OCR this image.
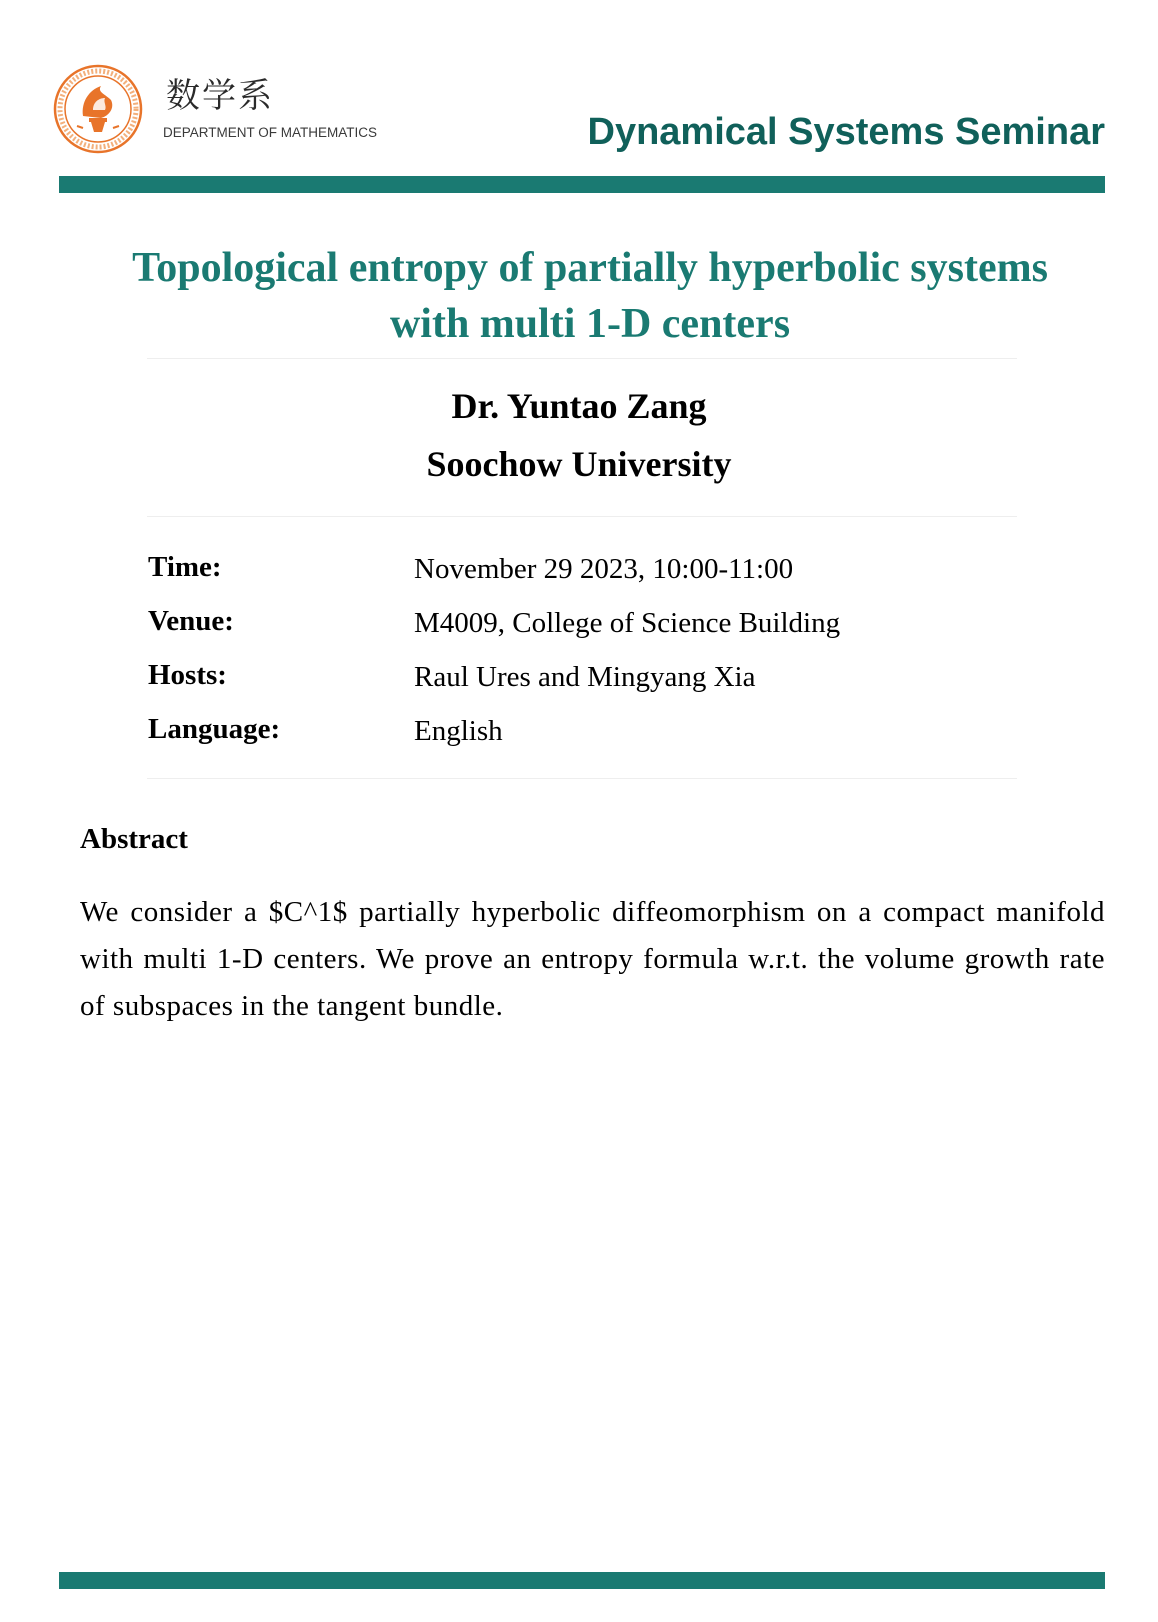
数学系
DEPARTMENT OF MATHEMATICS	Dynamical Systems Seminar
Topological entropy of partially hyperbolic systems
with multi 1-D centers
Dr. Yuntao Zang
Soochow University
Time:	November 29 2023, 10:00-11:00
Venue:	M4009, College of Science Building
Hosts:	Raul Ures and Mingyang Xia
Language:	English
Abstract
We consider a $C^1$ partially hyperbolic diffeomorphism on a compact manifold with multi 1-D centers. We prove an entropy formula w.r.t. the volume growth rate of subspaces in the tangent bundle.
